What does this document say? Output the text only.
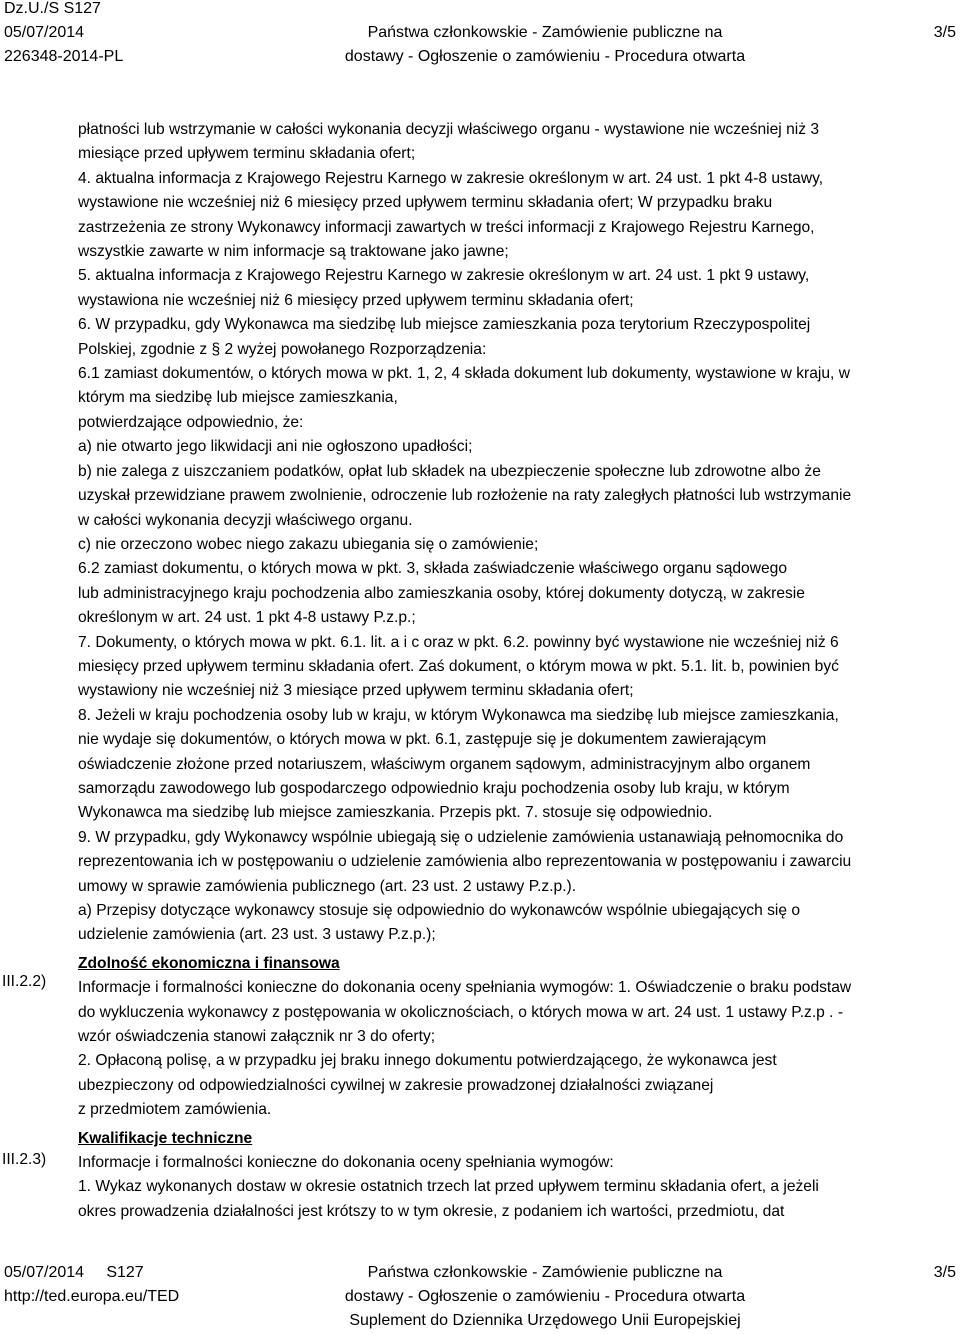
Dz.U./S S127
05/07/2014
226348-2014-PL
Państwa członkowskie - Zamówienie publiczne na
dostawy - Ogłoszenie o zamówieniu - Procedura otwarta
3/5

płatności lub wstrzymanie w całości wykonania decyzji właściwego organu - wystawione nie wcześniej niż 3

miesiące przed upływem terminu składania ofert;

4. aktualna informacja z Krajowego Rejestru Karnego w zakresie określonym w art. 24 ust. 1 pkt 4-8 ustawy,

wystawione nie wcześniej niż 6 miesięcy przed upływem terminu składania ofert; W przypadku braku

zastrzeżenia ze strony Wykonawcy informacji zawartych w treści informacji z Krajowego Rejestru Karnego,

wszystkie zawarte w nim informacje są traktowane jako jawne;

5. aktualna informacja z Krajowego Rejestru Karnego w zakresie określonym w art. 24 ust. 1 pkt 9 ustawy,

wystawiona nie wcześniej niż 6 miesięcy przed upływem terminu składania ofert;

6. W przypadku, gdy Wykonawca ma siedzibę lub miejsce zamieszkania poza terytorium Rzeczypospolitej

Polskiej, zgodnie z § 2 wyżej powołanego Rozporządzenia:

6.1 zamiast dokumentów, o których mowa w pkt. 1, 2, 4 składa dokument lub dokumenty, wystawione w kraju, w

którym ma siedzibę lub miejsce zamieszkania,

potwierdzające odpowiednio, że:

a) nie otwarto jego likwidacji ani nie ogłoszono upadłości;

b) nie zalega z uiszczaniem podatków, opłat lub składek na ubezpieczenie społeczne lub zdrowotne albo że

uzyskał przewidziane prawem zwolnienie, odroczenie lub rozłożenie na raty zaległych płatności lub wstrzymanie

w całości wykonania decyzji właściwego organu.

c) nie orzeczono wobec niego zakazu ubiegania się o zamówienie;

6.2 zamiast dokumentu, o których mowa w pkt. 3, składa zaświadczenie właściwego organu sądowego

lub administracyjnego kraju pochodzenia albo zamieszkania osoby, której dokumenty dotyczą, w zakresie

określonym w art. 24 ust. 1 pkt 4-8 ustawy P.z.p.;

7. Dokumenty, o których mowa w pkt. 6.1. lit. a i c oraz w pkt. 6.2. powinny być wystawione nie wcześniej niż 6

miesięcy przed upływem terminu składania ofert. Zaś dokument, o którym mowa w pkt. 5.1. lit. b, powinien być

wystawiony nie wcześniej niż 3 miesiące przed upływem terminu składania ofert;

8. Jeżeli w kraju pochodzenia osoby lub w kraju, w którym Wykonawca ma siedzibę lub miejsce zamieszkania,

nie wydaje się dokumentów, o których mowa w pkt. 6.1, zastępuje się je dokumentem zawierającym

oświadczenie złożone przed notariuszem, właściwym organem sądowym, administracyjnym albo organem

samorządu zawodowego lub gospodarczego odpowiednio kraju pochodzenia osoby lub kraju, w którym

Wykonawca ma siedzibę lub miejsce zamieszkania. Przepis pkt. 7. stosuje się odpowiednio.

9. W przypadku, gdy Wykonawcy wspólnie ubiegają się o udzielenie zamówienia ustanawiają pełnomocnika do

reprezentowania ich w postępowaniu o udzielenie zamówienia albo reprezentowania w postępowaniu i zawarciu

umowy w sprawie zamówienia publicznego (art. 23 ust. 2 ustawy P.z.p.).

a) Przepisy dotyczące wykonawcy stosuje się odpowiednio do wykonawców wspólnie ubiegających się o

udzielenie zamówienia (art. 23 ust. 3 ustawy P.z.p.);

Zdolność ekonomiczna i finansowa

Informacje i formalności konieczne do dokonania oceny spełniania wymogów: 1. Oświadczenie o braku podstaw

do wykluczenia wykonawcy z postępowania w okolicznościach, o których mowa w art. 24 ust. 1 ustawy P.z.p . -

wzór oświadczenia stanowi załącznik nr 3 do oferty;

2. Opłaconą polisę, a w przypadku jej braku innego dokumentu potwierdzającego, że wykonawca jest

ubezpieczony od odpowiedzialności cywilnej w zakresie prowadzonej działalności związanej

z przedmiotem zamówienia.

Kwalifikacje techniczne

Informacje i formalności konieczne do dokonania oceny spełniania wymogów:

1. Wykaz wykonanych dostaw w okresie ostatnich trzech lat przed upływem terminu składania ofert, a jeżeli

okres prowadzenia działalności jest krótszy to w tym okresie, z podaniem ich wartości, przedmiotu, dat

III.2.2)
III.2.3)
05/07/2014 S127
http://ted.europa.eu/TED
Państwa członkowskie - Zamówienie publiczne na
dostawy - Ogłoszenie o zamówieniu - Procedura otwarta
Suplement do Dziennika Urzędowego Unii Europejskiej
3/5
